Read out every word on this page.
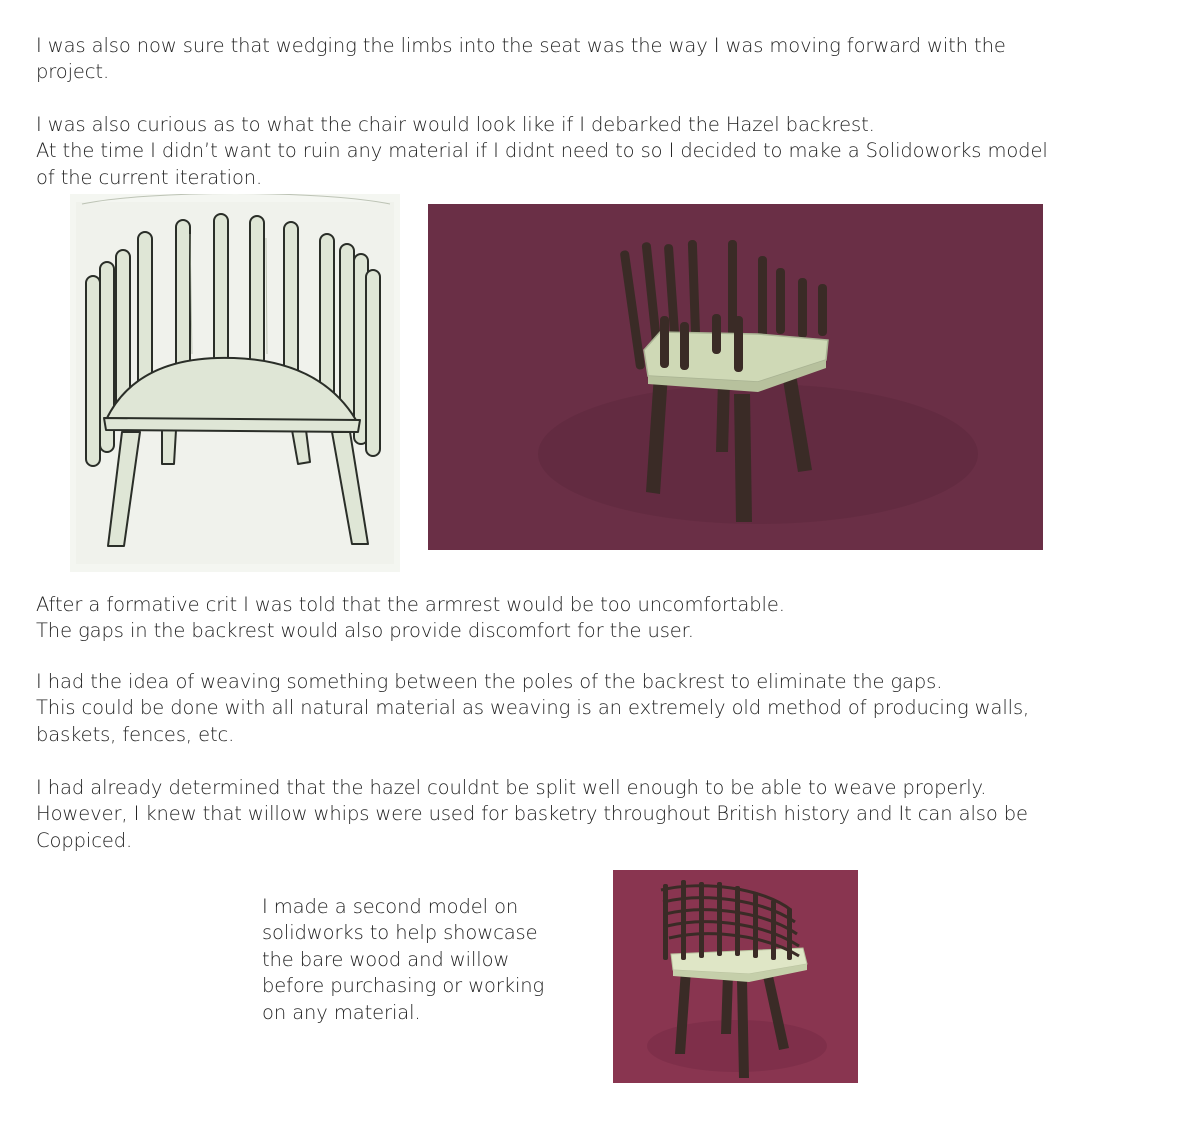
I was also now sure that wedging the limbs into the seat was the way I was moving forward with the
project.

I was also curious as to what the chair would look like if I debarked the Hazel backrest.
At the time I didn’t want to ruin any material if I didnt need to so I decided to make a Solidoworks model
of the current iteration.

After a formative crit I was told that the armrest would be too uncomfortable.
The gaps in the backrest would also provide discomfort for the user.

I had the idea of weaving something between the poles of the backrest to eliminate the gaps.
This could be done with all natural material as weaving is an extremely old method of producing walls,
baskets, fences, etc.

I had already determined that the hazel couldnt be split well enough to be able to weave properly.
However, I knew that willow whips were used for basketry throughout British history and It can also be
Coppiced.

I made a second model on
solidworks to help showcase
the bare wood and willow
before purchasing or working
on any material.
